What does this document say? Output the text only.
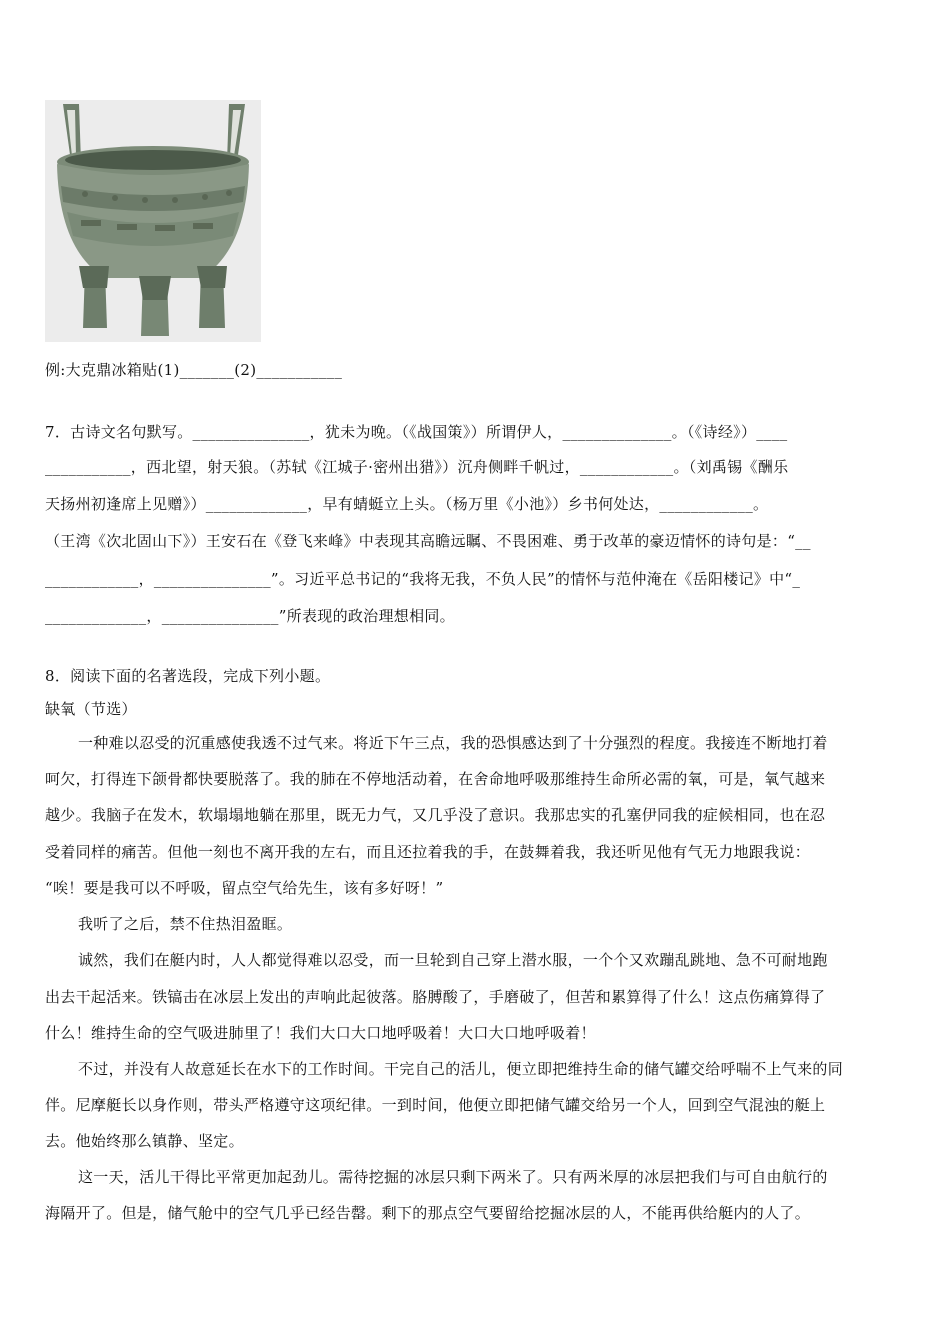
例:大克鼎冰箱贴(1)_______(2)___________
7．古诗文名句默写。_______________，犹未为晚。（《战国策》）所谓伊人，______________。（《诗经》）____
___________，西北望，射天狼。（苏轼《江城子·密州出猎》）沉舟侧畔千帆过，____________。（刘禹锡《酬乐
天扬州初逢席上见赠》）_____________，早有蜻蜓立上头。（杨万里《小池》）乡书何处达，____________。
（王湾《次北固山下》）王安石在《登飞来峰》中表现其高瞻远瞩、不畏困难、勇于改革的豪迈情怀的诗句是：“__
____________，_______________”。习近平总书记的“我将无我，不负人民”的情怀与范仲淹在《岳阳楼记》中“_
_____________，_______________”所表现的政治理想相同。
8．阅读下面的名著选段，完成下列小题。
缺氧（节选）
一种难以忍受的沉重感使我透不过气来。将近下午三点，我的恐惧感达到了十分强烈的程度。我接连不断地打着
呵欠，打得连下颌骨都快要脱落了。我的肺在不停地活动着，在舍命地呼吸那维持生命所必需的氧，可是，氧气越来
越少。我脑子在发木，软塌塌地躺在那里，既无力气，又几乎没了意识。我那忠实的孔塞伊同我的症候相同，也在忍
受着同样的痛苦。但他一刻也不离开我的左右，而且还拉着我的手，在鼓舞着我，我还听见他有气无力地跟我说：
“唉！要是我可以不呼吸，留点空气给先生，该有多好呀！”
我听了之后，禁不住热泪盈眶。
诚然，我们在艇内时，人人都觉得难以忍受，而一旦轮到自己穿上潜水服，一个个又欢蹦乱跳地、急不可耐地跑
出去干起活来。铁镐击在冰层上发出的声响此起彼落。胳膊酸了，手磨破了，但苦和累算得了什么！这点伤痛算得了
什么！维持生命的空气吸进肺里了！我们大口大口地呼吸着！大口大口地呼吸着！
不过，并没有人故意延长在水下的工作时间。干完自己的活儿，便立即把维持生命的储气罐交给呼喘不上气来的同
伴。尼摩艇长以身作则，带头严格遵守这项纪律。一到时间，他便立即把储气罐交给另一个人，回到空气混浊的艇上
去。他始终那么镇静、坚定。
这一天，活儿干得比平常更加起劲儿。需待挖掘的冰层只剩下两米了。只有两米厚的冰层把我们与可自由航行的
海隔开了。但是，储气舱中的空气几乎已经告罄。剩下的那点空气要留给挖掘冰层的人，不能再供给艇内的人了。
